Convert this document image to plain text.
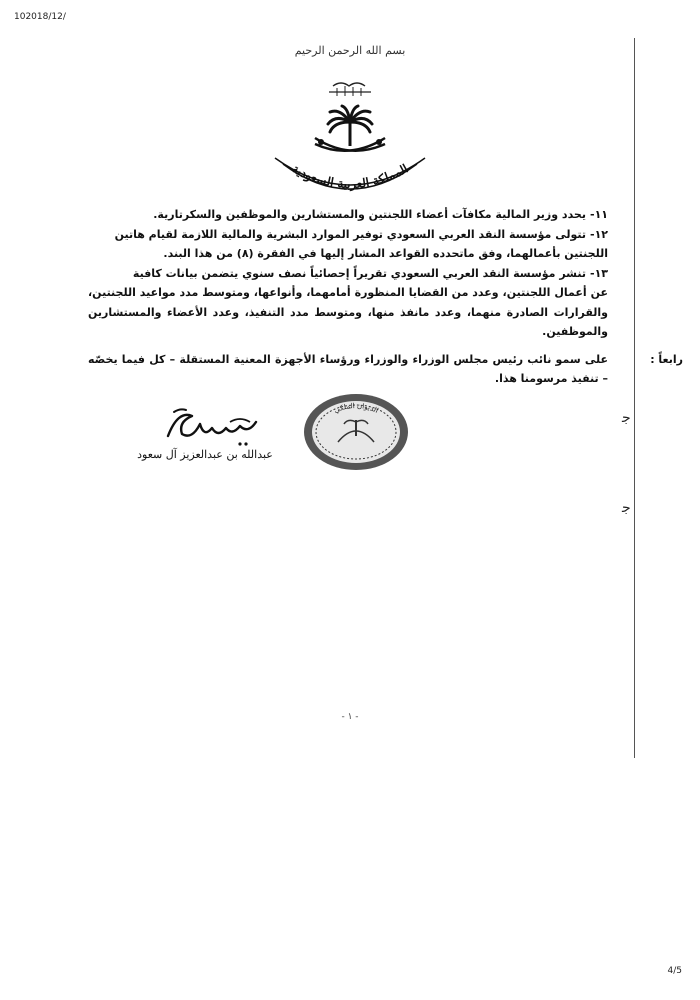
102018/12/
4/5
بسم الله الرحمن الرحيم
المملكة العربية السعودية
ﺟ
ﺟ

١١-يحدد وزير المالية مكافآت أعضاء اللجنتين والمستشارين والموظفين والسكرتارية.

١٢-تتولى مؤسسة النقد العربي السعودي توفير الموارد البشرية والمالية اللازمة لقيام هاتين
اللجنتين بأعمالهما، وفق ماتحدده القواعد المشار إليها في الفقرة (٨) من هذا البند.

١٣-تنشر مؤسسة النقد العربي السعودي تقريراً إحصائياً نصف سنوي يتضمن بيانات كافية
عن أعمال اللجنتين، وعدد من القضايا المنظورة أمامهما، وأنواعها، ومتوسط مدد مواعيد اللجنتين، والقرارات الصادرة منهما، وعدد مانفذ منها، ومتوسط مدد التنفيذ، وعدد الأعضاء والمستشارين والموظفين.

رابعاً :
على سمو نائب رئيس مجلس الوزراء والوزراء ورؤساء الأجهزة المعنية المستقلة – كل فيما يخصّه – تنفيذ مرسومنا هذا.

الديوان الملكي
عبدالله بن عبدالعزيز آل سعود
- ١ -
